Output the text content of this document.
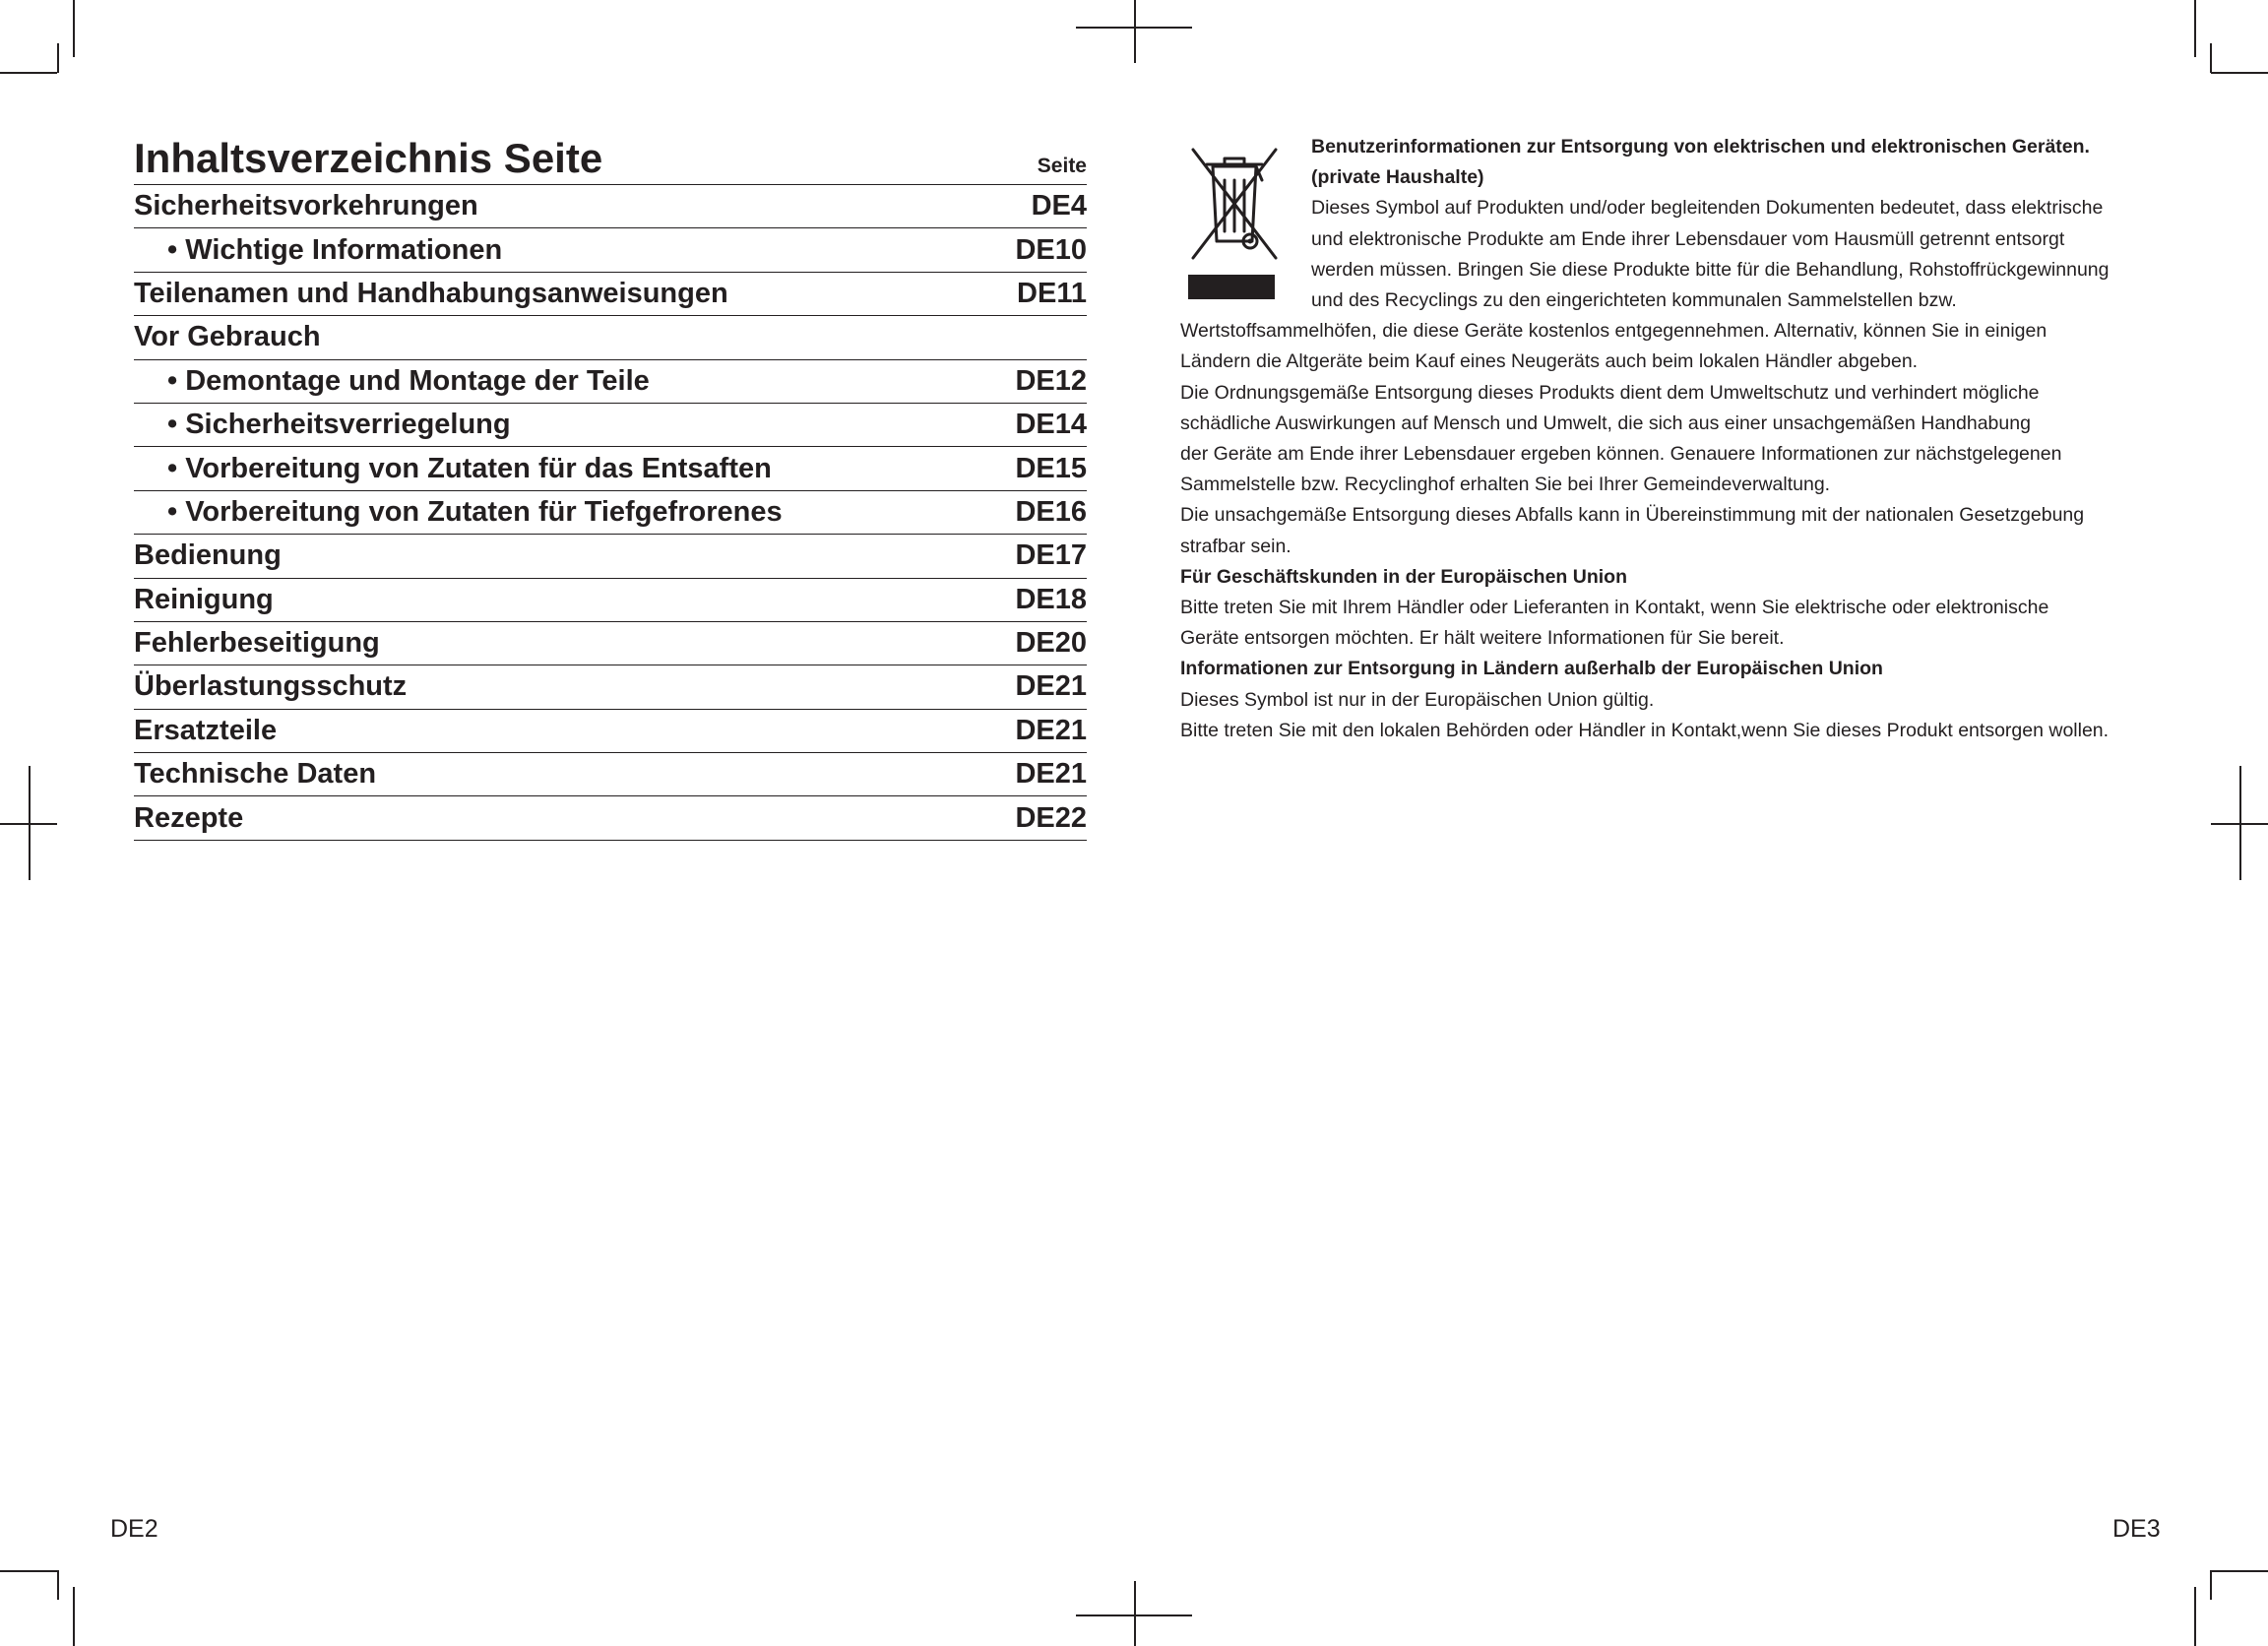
Inhaltsverzeichnis Seite	Seite
Sicherheitsvorkehrungen	DE4
• Wichtige Informationen	DE10
Teilenamen und Handhabungsanweisungen	DE11
Vor Gebrauch
• Demontage und Montage der Teile	DE12
• Sicherheitsverriegelung	DE14
• Vorbereitung von Zutaten für das Entsaften	DE15
• Vorbereitung von Zutaten für Tiefgefrorenes	DE16
Bedienung	DE17
Reinigung	DE18
Fehlerbeseitigung	DE20
Überlastungsschutz	DE21
Ersatzteile	DE21
Technische Daten	DE21
Rezepte	DE22

Benutzerinformationen zur Entsorgung von elektrischen und elektronischen Geräten.

(private Haushalte)

Dieses Symbol auf Produkten und/oder begleitenden Dokumenten bedeutet, dass elektrische

und elektronische Produkte am Ende ihrer Lebensdauer vom Hausmüll getrennt entsorgt

werden müssen. Bringen Sie diese Produkte bitte für die Behandlung, Rohstoffrückgewinnung

und des Recyclings zu den eingerichteten kommunalen Sammelstellen bzw.

Wertstoffsammelhöfen, die diese Geräte kostenlos entgegennehmen. Alternativ, können Sie in einigen

Ländern die Altgeräte beim Kauf eines Neugeräts auch beim lokalen Händler abgeben.

Die Ordnungsgemäße Entsorgung dieses Produkts dient dem Umweltschutz und verhindert mögliche

schädliche Auswirkungen auf Mensch und Umwelt, die sich aus einer unsachgemäßen Handhabung

der Geräte am Ende ihrer Lebensdauer ergeben können. Genauere Informationen zur nächstgelegenen

Sammelstelle bzw. Recyclinghof erhalten Sie bei Ihrer Gemeindeverwaltung.

Die unsachgemäße Entsorgung dieses Abfalls kann in Übereinstimmung mit der nationalen Gesetzgebung

strafbar sein.

Für Geschäftskunden in der Europäischen Union

Bitte treten Sie mit Ihrem Händler oder Lieferanten in Kontakt, wenn Sie elektrische oder elektronische

Geräte entsorgen möchten. Er hält weitere Informationen für Sie bereit.

Informationen zur Entsorgung in Ländern außerhalb der Europäischen Union

Dieses Symbol ist nur in der Europäischen Union gültig.

Bitte treten Sie mit den lokalen Behörden oder Händler in Kontakt,wenn Sie dieses Produkt entsorgen wollen.

DE2	DE3
